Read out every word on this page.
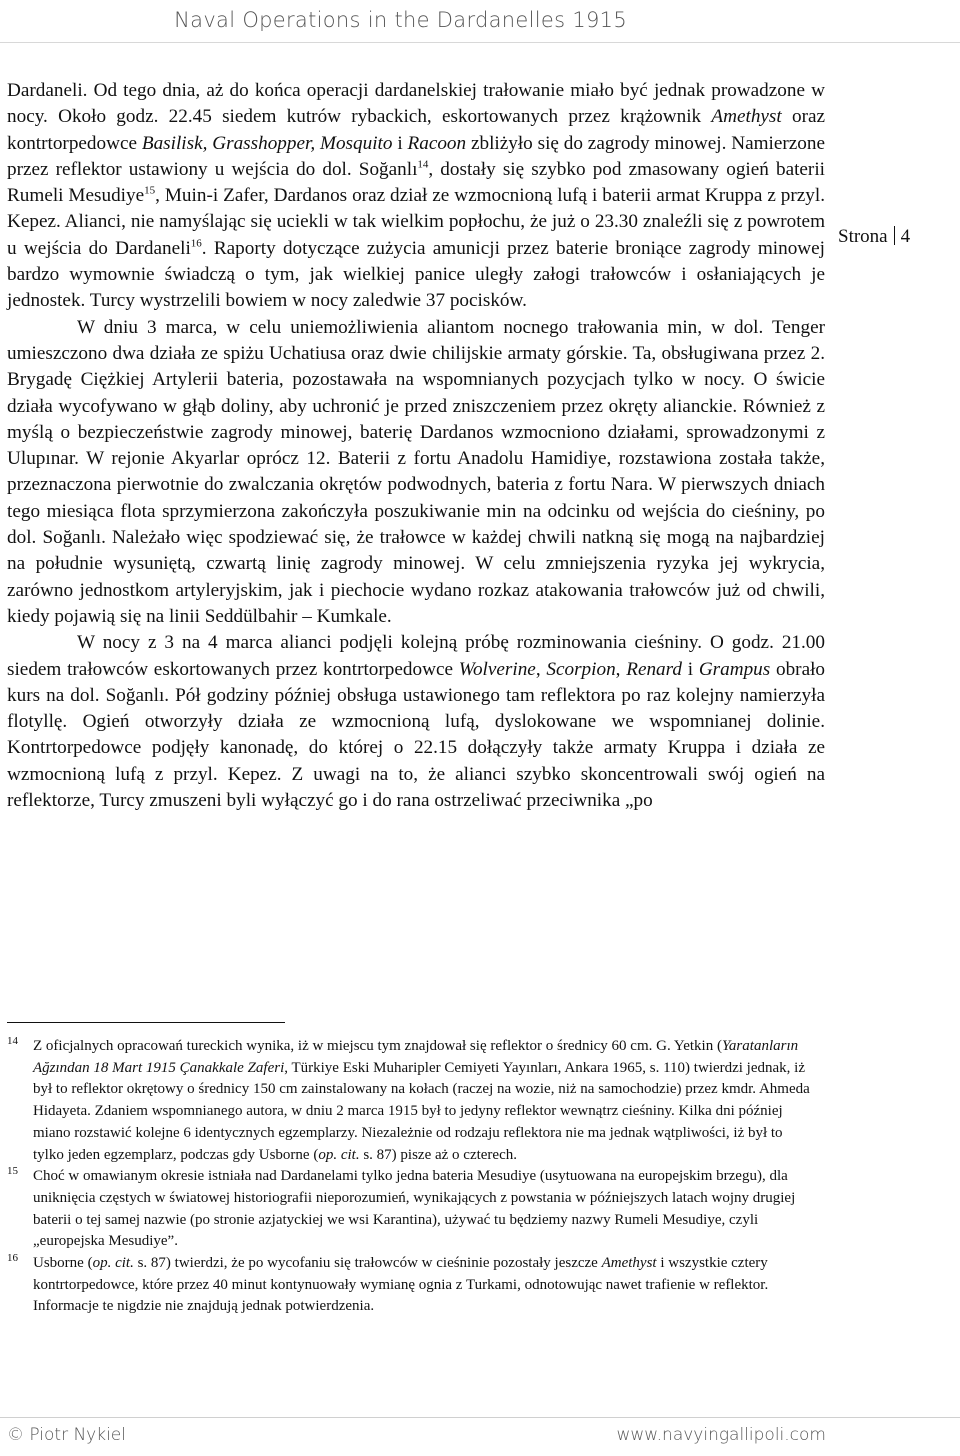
Naval Operations in the Dardanelles 1915
Strona 4

Dardaneli. Od tego dnia, aż do końca operacji dardanelskiej trałowanie miało być jednak prowadzone w nocy. Około godz. 22.45 siedem kutrów rybackich, eskortowanych przez krążownik Amethyst oraz kontrtorpedowce Basilisk, Grasshopper, Mosquito i Racoon zbliżyło się do zagrody minowej. Namierzone przez reflektor ustawiony u wejścia do dol. Soğanlı$^{14}$, dostały się szybko pod zmasowany ogień baterii Rumeli Mesudiye$^{15}$, Muin-i Zafer, Dardanos oraz dział ze wzmocnioną lufą i baterii armat Kruppa z przyl. Kepez. Alianci, nie namyślając się uciekli w tak wielkim popłochu, że już o 23.30 znaleźli się z powrotem u wejścia do Dardaneli$^{16}$. Raporty dotyczące zużycia amunicji przez baterie broniące zagrody minowej bardzo wymownie świadczą o tym, jak wielkiej panice uległy załogi trałowców i osłaniających je jednostek. Turcy wystrzelili bowiem w nocy zaledwie 37 pocisków.

W dniu 3 marca, w celu uniemożliwienia aliantom nocnego trałowania min, w dol. Tenger umieszczono dwa działa ze spiżu Uchatiusa oraz dwie chilijskie armaty górskie. Ta, obsługiwana przez 2. Brygadę Ciężkiej Artylerii bateria, pozostawała na wspomnianych pozycjach tylko w nocy. O świcie działa wycofywano w głąb doliny, aby uchronić je przed zniszczeniem przez okręty alianckie. Również z myślą o bezpieczeństwie zagrody minowej, baterię Dardanos wzmocniono działami, sprowadzonymi z Ulupınar. W rejonie Akyarlar oprócz 12. Baterii z fortu Anadolu Hamidiye, rozstawiona została także, przeznaczona pierwotnie do zwalczania okrętów podwodnych, bateria z fortu Nara. W pierwszych dniach tego miesiąca flota sprzymierzona zakończyła poszukiwanie min na odcinku od wejścia do cieśniny, po dol. Soğanlı. Należało więc spodziewać się, że trałowce w każdej chwili natkną się mogą na najbardziej na południe wysuniętą, czwartą linię zagrody minowej. W celu zmniejszenia ryzyka jej wykrycia, zarówno jednostkom artyleryjskim, jak i piechocie wydano rozkaz atakowania trałowców już od chwili, kiedy pojawią się na linii Seddülbahir – Kumkale.

W nocy z 3 na 4 marca alianci podjęli kolejną próbę rozminowania cieśniny. O godz. 21.00 siedem trałowców eskortowanych przez kontrtorpedowce Wolverine, Scorpion, Renard i Grampus obrało kurs na dol. Soğanlı. Pół godziny później obsługa ustawionego tam reflektora po raz kolejny namierzyła flotyllę. Ogień otworzyły działa ze wzmocnioną lufą, dyslokowane we wspomnianej dolinie. Kontrtorpedowce podjęły kanonadę, do której o 22.15 dołączyły także armaty Kruppa i działa ze wzmocnioną lufą z przyl. Kepez. Z uwagi na to, że alianci szybko skoncentrowali swój ogień na reflektorze, Turcy zmuszeni byli wyłączyć go i do rana ostrzeliwać przeciwnika „po

14 Z oficjalnych opracowań tureckich wynika, iż w miejscu tym znajdował się reflektor o średnicy 60 cm. G. Yetkin (Yaratanların Ağzından 18 Mart 1915 Çanakkale Zaferi, Türkiye Eski Muharipler Cemiyeti Yayınları, Ankara 1965, s. 110) twierdzi jednak, iż był to reflektor okrętowy o średnicy 150 cm zainstalowany na kołach (raczej na wozie, niż na samochodzie) przez kmdr. Ahmeda Hidayeta. Zdaniem wspomnianego autora, w dniu 2 marca 1915 był to jedyny reflektor wewnątrz cieśniny. Kilka dni później miano rozstawić kolejne 6 identycznych egzemplarzy. Niezależnie od rodzaju reflektora nie ma jednak wątpliwości, iż był to tylko jeden egzemplarz, podczas gdy Usborne (op. cit. s. 87) pisze aż o czterech.
15 Choć w omawianym okresie istniała nad Dardanelami tylko jedna bateria Mesudiye (usytuowana na europejskim brzegu), dla uniknięcia częstych w światowej historiografii nieporozumień, wynikających z powstania w późniejszych latach wojny drugiej baterii o tej samej nazwie (po stronie azjatyckiej we wsi Karantina), używać tu będziemy nazwy Rumeli Mesudiye, czyli „europejska Mesudiye”.
16 Usborne (op. cit. s. 87) twierdzi, że po wycofaniu się trałowców w cieśninie pozostały jeszcze Amethyst i wszystkie cztery kontrtorpedowce, które przez 40 minut kontynuowały wymianę ognia z Turkami, odnotowując nawet trafienie w reflektor. Informacje te nigdzie nie znajdują jednak potwierdzenia.
© Piotr Nykiel	www.navyingallipoli.com
